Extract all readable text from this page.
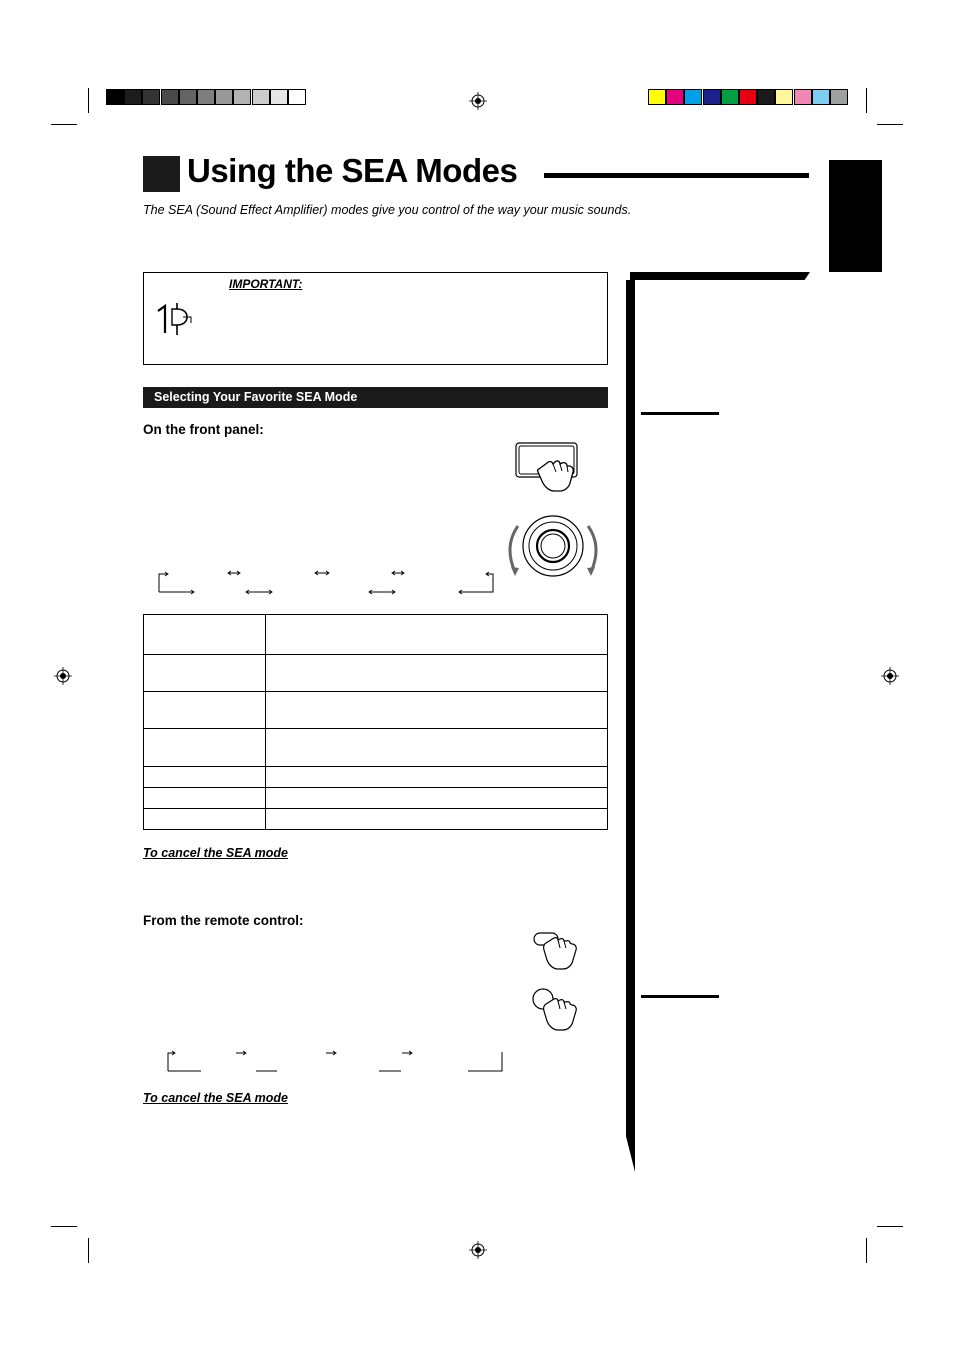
Using the SEA Modes
The SEA (Sound Effect Amplifier) modes give you control of the way your music sounds.
IMPORTANT:
Selecting Your Favorite SEA Mode
On the front panel:

To cancel the SEA mode
From the remote control:
To cancel the SEA mode
